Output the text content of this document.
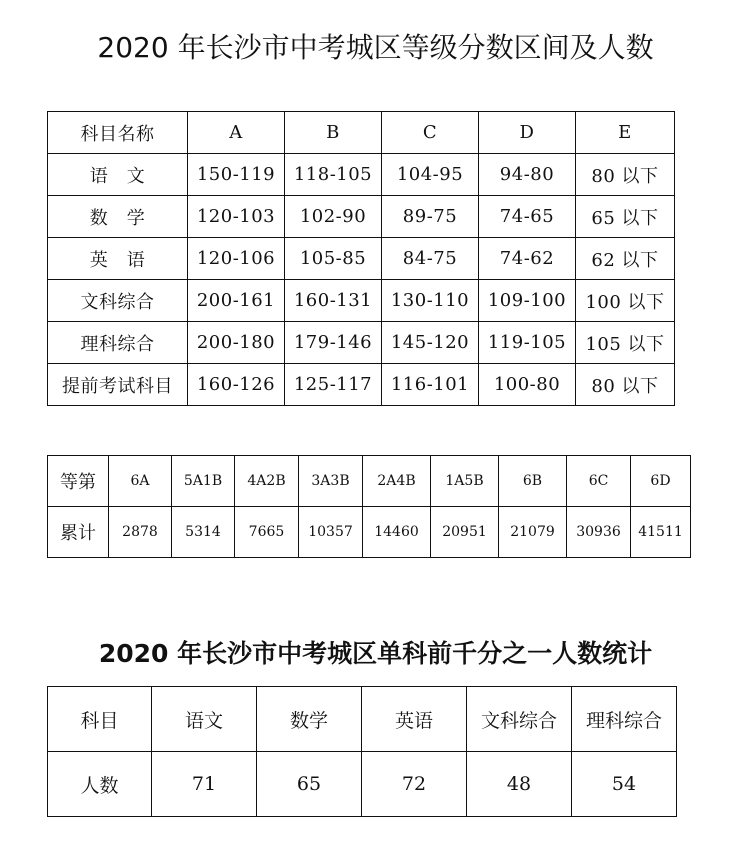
2020 年长沙市中考城区等级分数区间及人数
科目名称	A	B	C	D	E
语　文	150-119	118-105	104-95	94-80	80 以下
数　学	120-103	102-90	89-75	74-65	65 以下
英　语	120-106	105-85	84-75	74-62	62 以下
文科综合	200-161	160-131	130-110	109-100	100 以下
理科综合	200-180	179-146	145-120	119-105	105 以下
提前考试科目	160-126	125-117	116-101	100-80	80 以下
等第	6A	5A1B	4A2B	3A3B	2A4B	1A5B	6B	6C	6D
累计	2878	5314	7665	10357	14460	20951	21079	30936	41511
2020 年长沙市中考城区单科前千分之一人数统计
科目	语文	数学	英语	文科综合	理科综合
人数	71	65	72	48	54
